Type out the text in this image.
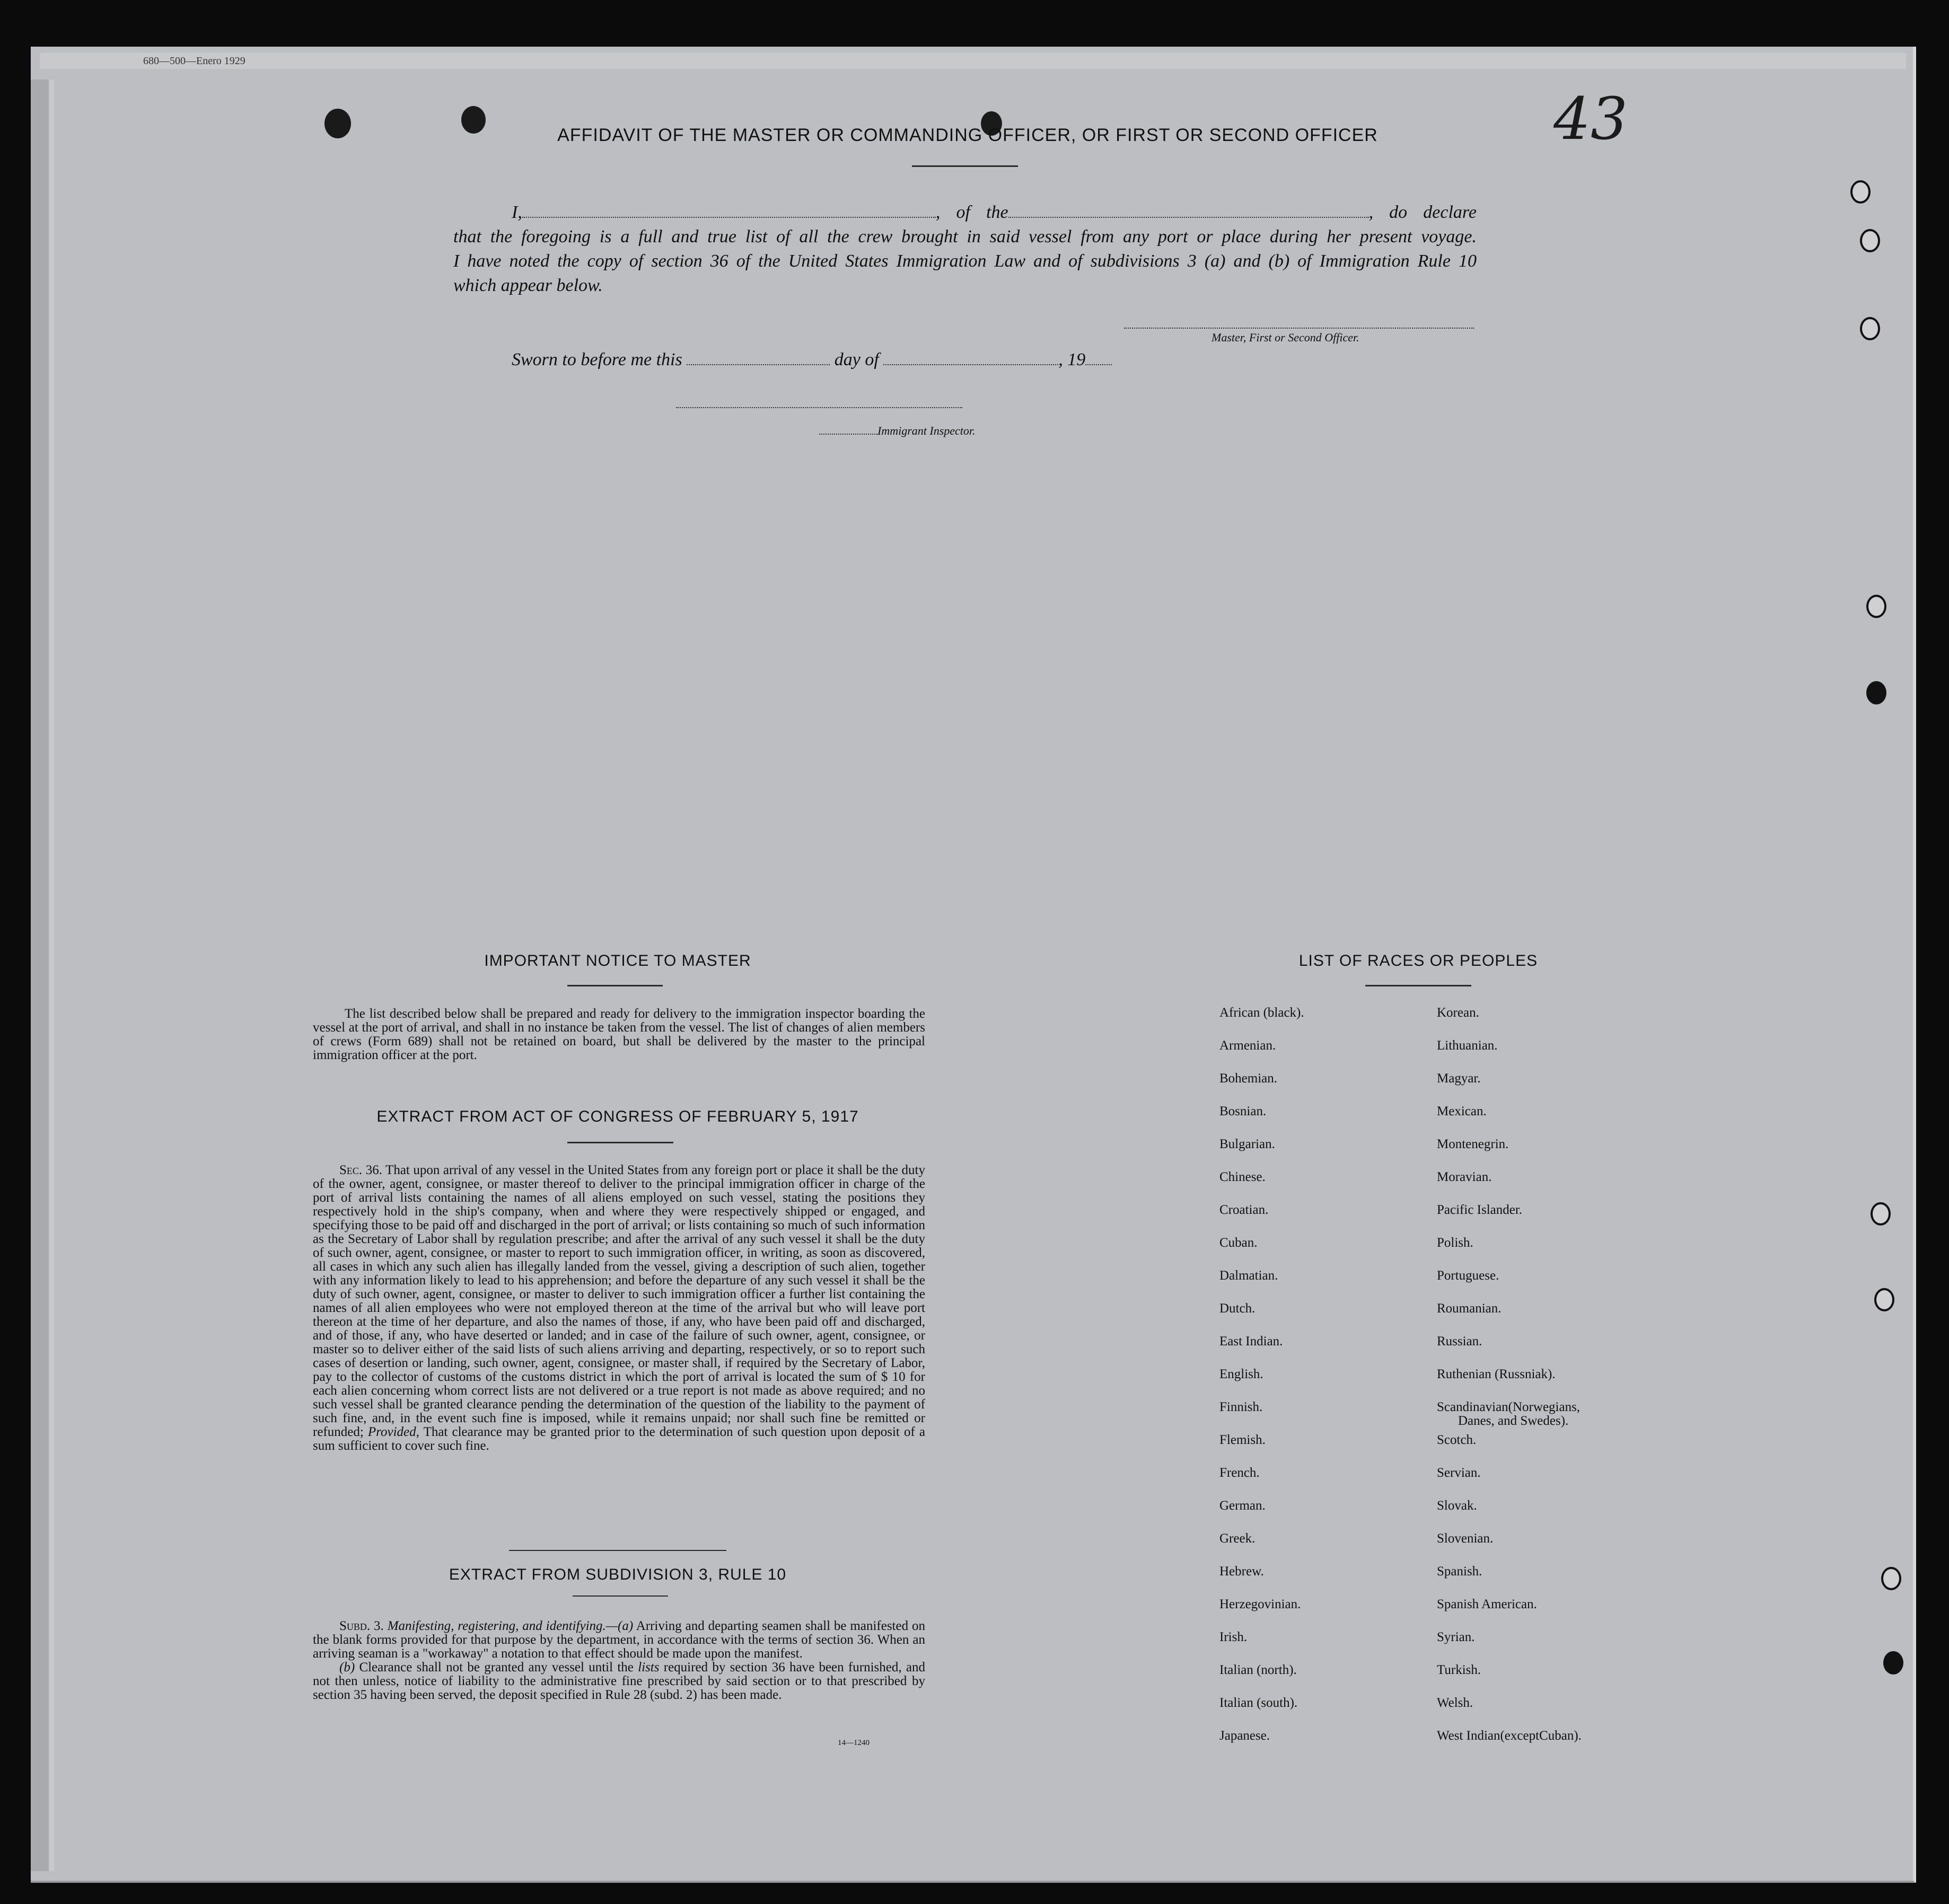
680—500—Enero 1929
43
AFFIDAVIT OF THE MASTER OR COMMANDING OFFICER, OR FIRST OR SECOND OFFICER

I,	, of the	, do declare

that the foregoing is a full and true list of all the crew brought in said vessel from any port or place during her present voyage.

I have noted the copy of section 36 of the United States Immigration Law and of subdivisions 3 (a) and (b) of Immigration Rule 10

which appear below.

Master, First or Second Officer.
Sworn to before me this	day of	, 19
Immigrant Inspector.
IMPORTANT NOTICE TO MASTER

The list described below shall be prepared and ready for delivery to the immigration inspector boarding the vessel at the port of arrival, and shall in no instance be taken from the vessel. The list of changes of alien members of crews (Form 689) shall not be retained on board, but shall be delivered by the master to the principal immigration officer at the port.

EXTRACT FROM ACT OF CONGRESS OF FEBRUARY 5, 1917

Sec. 36. That upon arrival of any vessel in the United States from any foreign port or place it shall be the duty of the owner, agent, consignee, or master thereof to deliver to the principal immigration officer in charge of the port of arrival lists containing the names of all aliens employed on such vessel, stating the positions they respectively hold in the ship's company, when and where they were respectively shipped or engaged, and specifying those to be paid off and discharged in the port of arrival; or lists containing so much of such information as the Secretary of Labor shall by regulation prescribe; and after the arrival of any such vessel it shall be the duty of such owner, agent, consignee, or master to report to such immigration officer, in writing, as soon as discovered, all cases in which any such alien has illegally landed from the vessel, giving a description of such alien, together with any information likely to lead to his apprehension; and before the departure of any such vessel it shall be the duty of such owner, agent, consignee, or master to deliver to such immigration officer a further list containing the names of all alien employees who were not employed thereon at the time of the arrival but who will leave port thereon at the time of her departure, and also the names of those, if any, who have been paid off and discharged, and of those, if any, who have deserted or landed; and in case of the failure of such owner, agent, consignee, or master so to deliver either of the said lists of such aliens arriving and departing, respectively, or so to report such cases of desertion or landing, such owner, agent, consignee, or master shall, if required by the Secretary of Labor, pay to the collector of customs of the customs district in which the port of arrival is located the sum of $ 10 for each alien concerning whom correct lists are not delivered or a true report is not made as above required; and no such vessel shall be granted clearance pending the determination of the question of the liability to the payment of such fine, and, in the event such fine is imposed, while it remains unpaid; nor shall such fine be remitted or refunded; Provided, That clearance may be granted prior to the determination of such question upon deposit of a sum sufficient to cover such fine.

EXTRACT FROM SUBDIVISION 3, RULE 10

Subd. 3. Manifesting, registering, and identifying.—(a) Arriving and departing seamen shall be manifested on the blank forms provided for that purpose by the department, in accordance with the terms of section 36. When an arriving seaman is a "workaway" a notation to that effect should be made upon the manifest.

(b) Clearance shall not be granted any vessel until the lists required by section 36 have been furnished, and not then unless, notice of liability to the administrative fine prescribed by said section or to that prescribed by section 35 having been served, the deposit specified in Rule 28 (subd. 2) has been made.

14—1240
LIST OF RACES OR PEOPLES
African (black).
Armenian.
Bohemian.
Bosnian.
Bulgarian.
Chinese.
Croatian.
Cuban.
Dalmatian.
Dutch.
East Indian.
English.
Finnish.
Flemish.
French.
German.
Greek.
Hebrew.
Herzegovinian.
Irish.
Italian (north).
Italian (south).
Japanese.
Korean.
Lithuanian.
Magyar.
Mexican.
Montenegrin.
Moravian.
Pacific Islander.
Polish.
Portuguese.
Roumanian.
Russian.
Ruthenian (Russniak).
Scandinavian(Norwegians,
Scotch.
Servian.
Slovak.
Slovenian.
Spanish.
Spanish American.
Syrian.
Turkish.
Welsh.
West Indian(exceptCuban).
Danes, and Swedes).
